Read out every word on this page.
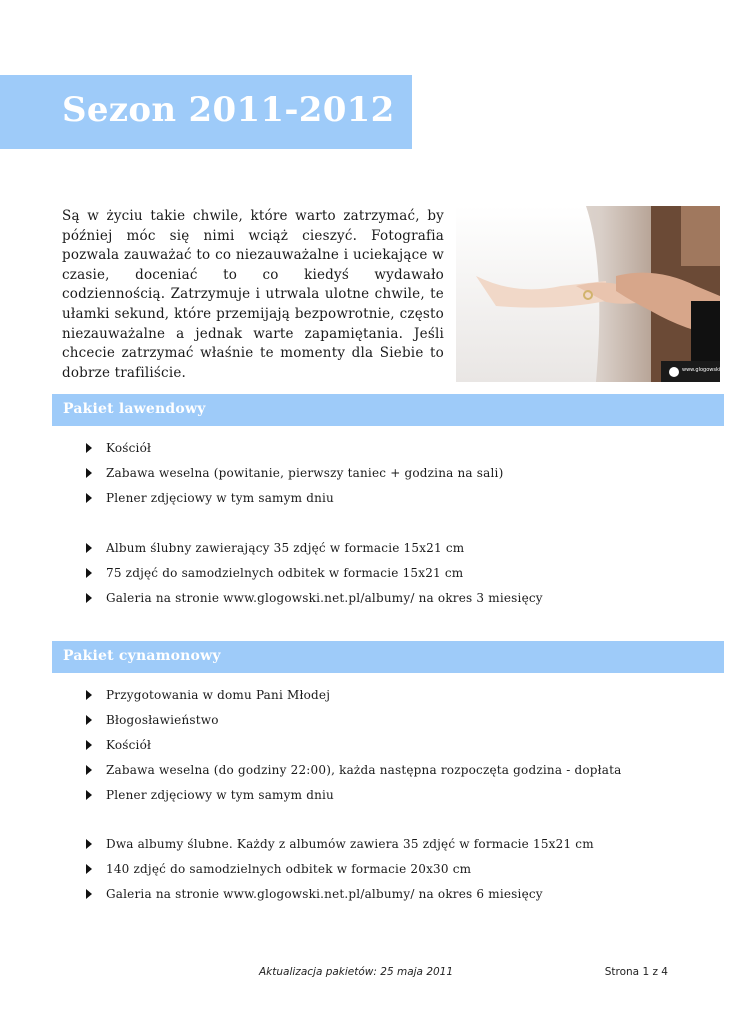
Sezon 2011-2012
Są w życiu takie chwile, które warto zatrzymać, by później móc się nimi wciąż cieszyć. Fotografia pozwala zauważać to co niezauważalne i uciekające w czasie, doceniać to co kiedyś wydawało codziennością. Zatrzymuje i utrwala ulotne chwile, te ułamki sekund, które przemijają bezpowrotnie, często niezauważalne a jednak warte zapamiętania. Jeśli chcecie zatrzymać właśnie te momenty dla Siebie to dobrze trafiliście.	www.glogowski.net.pl
Pakiet lawendowy
Kościół
Zabawa weselna (powitanie, pierwszy taniec + godzina na sali)
Plener zdjęciowy w tym samym dniu
Album ślubny zawierający 35 zdjęć w formacie 15x21 cm
75 zdjęć do samodzielnych odbitek w formacie 15x21 cm
Galeria na stronie www.glogowski.net.pl/albumy/ na okres 3 miesięcy
Pakiet cynamonowy
Przygotowania w domu Pani Młodej
Błogosławieństwo
Kościół
Zabawa weselna (do godziny 22:00), każda następna rozpoczęta godzina - dopłata
Plener zdjęciowy w tym samym dniu
Dwa albumy ślubne. Każdy z albumów zawiera 35 zdjęć w formacie 15x21 cm
140 zdjęć do samodzielnych odbitek w formacie 20x30 cm
Galeria na stronie www.glogowski.net.pl/albumy/ na okres 6 miesięcy
Aktualizacja pakietów: 25 maja 2011	Strona 1 z 4
